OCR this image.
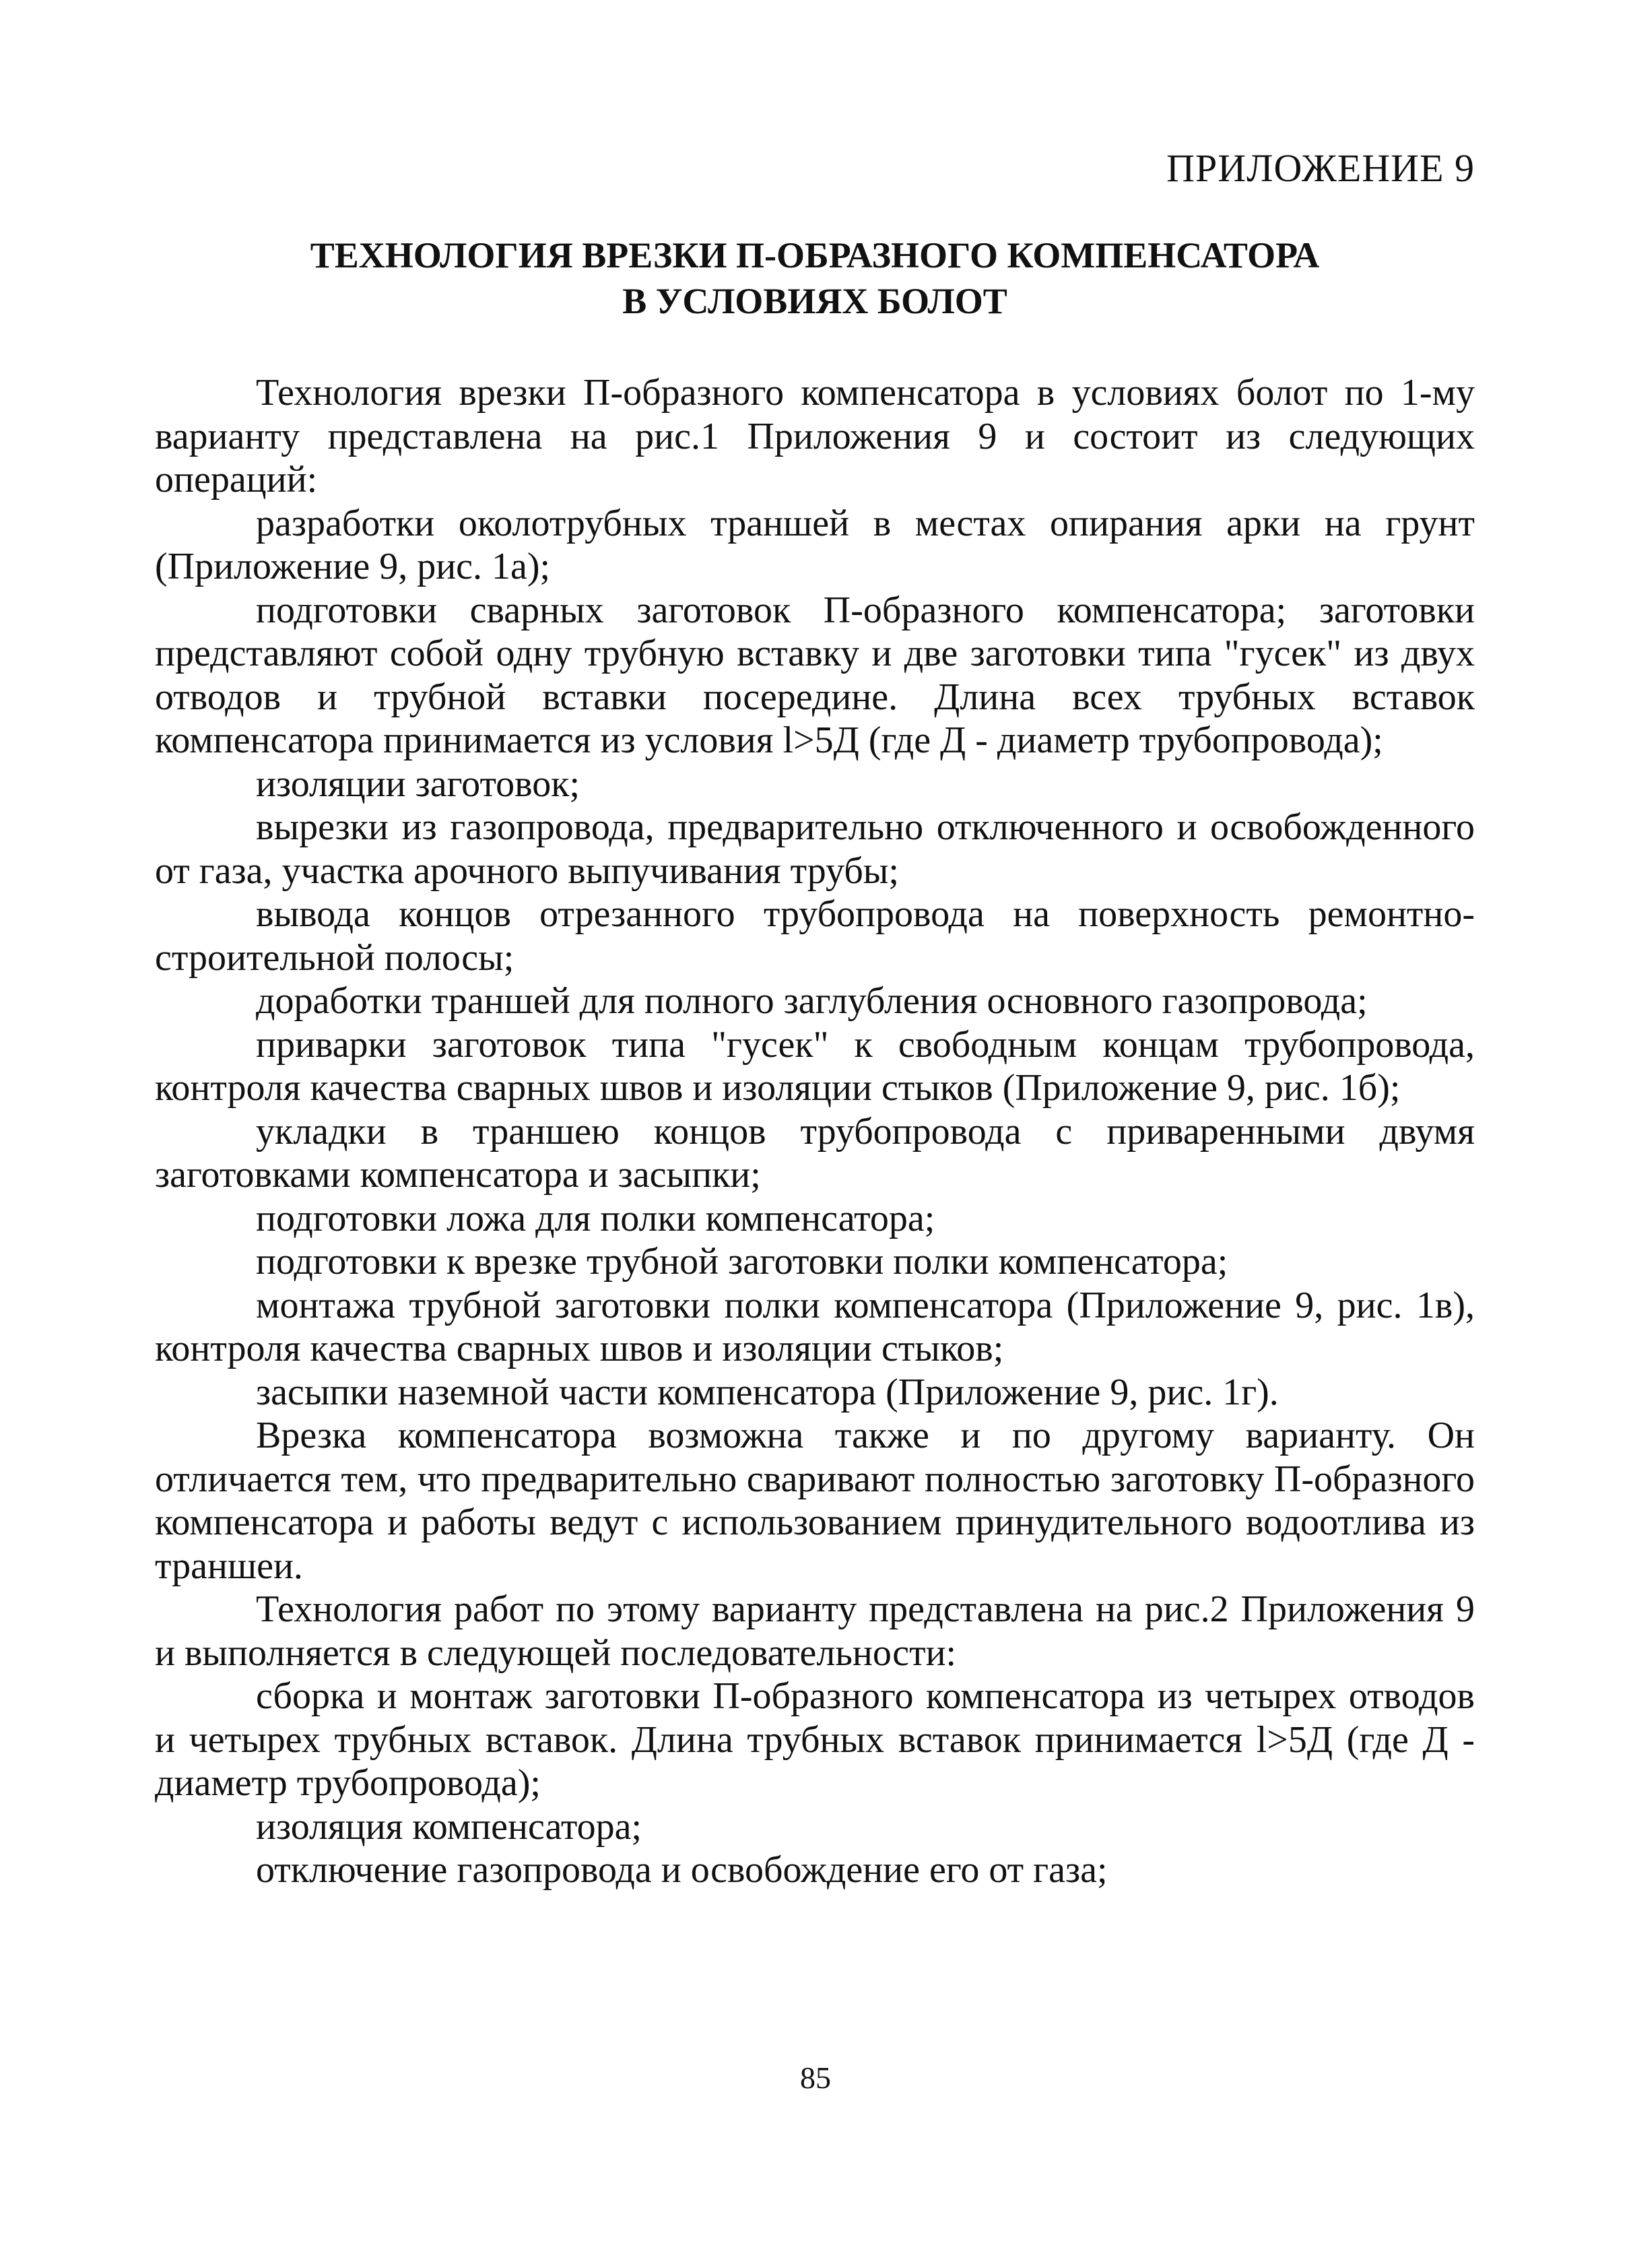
ПРИЛОЖЕНИЕ 9
ТЕХНОЛОГИЯ ВРЕЗКИ П-ОБРАЗНОГО КОМПЕНСАТОРА
В УСЛОВИЯХ БОЛОТ

Технология врезки П-образного компенсатора в условиях болот по 1-му варианту представлена на рис.1 Приложения 9 и состоит из следующих операций:

разработки околотрубных траншей в местах опирания арки на грунт (Приложение 9, рис. 1а);

подготовки сварных заготовок П-образного компенсатора; заготовки представляют собой одну трубную вставку и две заготовки типа "гусек" из двух отводов и трубной вставки посередине. Длина всех трубных вставок компенсатора принимается из условия l>5Д (где Д - диаметр трубопровода);

изоляции заготовок;

вырезки из газопровода, предварительно отключенного и освобожденного от газа, участка арочного выпучивания трубы;

вывода концов отрезанного трубопровода на поверхность ремонтно-строительной полосы;

доработки траншей для полного заглубления основного газопровода;

приварки заготовок типа "гусек" к свободным концам трубопровода, контроля качества сварных швов и изоляции стыков (Приложение 9, рис. 1б);

укладки в траншею концов трубопровода с приваренными двумя заготовками компенсатора и засыпки;

подготовки ложа для полки компенсатора;

подготовки к врезке трубной заготовки полки компенсатора;

монтажа трубной заготовки полки компенсатора (Приложение 9, рис. 1в), контроля качества сварных швов и изоляции стыков;

засыпки наземной части компенсатора (Приложение 9, рис. 1г).

Врезка компенсатора возможна также и по другому варианту. Он отличается тем, что предварительно сваривают полностью заготовку П-образного компенсатора и работы ведут с использованием принудительного водоотлива из траншеи.

Технология работ по этому варианту представлена на рис.2 Приложения 9 и выполняется в следующей последовательности:

сборка и монтаж заготовки П-образного компенсатора из четырех отводов и четырех трубных вставок. Длина трубных вставок принимается l>5Д (где Д - диаметр трубопровода);

изоляция компенсатора;

отключение газопровода и освобождение его от газа;

85
